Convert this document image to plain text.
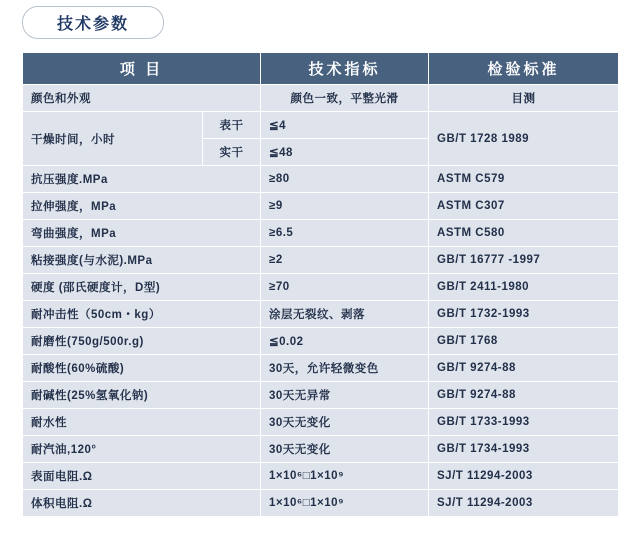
技术参数
项 目		技术指标	检验标准
颜色和外观		颜色一致，平整光滑	目测
干燥时间，小时	表干	≦4	GB/T 1728 1989
	实干	≦48	
抗压强度.MPa		≥80	ASTM C579
拉伸强度，MPa		≥9	ASTM C307
弯曲强度，MPa		≥6.5	ASTM C580
粘接强度(与水泥).MPa		≥2	GB/T 16777 -1997
硬度 (邵氏硬度计，D型)		≥70	GB/T 2411-1980
耐冲击性（50cm・kg）		涂层无裂纹、剥落	GB/T 1732-1993
耐磨性(750g/500r.g)		≦0.02	GB/T 1768
耐酸性(60%硫酸)		30天，允许轻微变色	GB/T 9274-88
耐碱性(25%氢氧化钠)		30天无异常	GB/T 9274-88
耐水性		30天无变化	GB/T 1733-1993
耐汽油,120°		30天无变化	GB/T 1734-1993
表面电阻.Ω		1×10⁶□1×10⁹	SJ/T 11294-2003
体积电阻.Ω		1×10⁶□1×10⁹	SJ/T 11294-2003
